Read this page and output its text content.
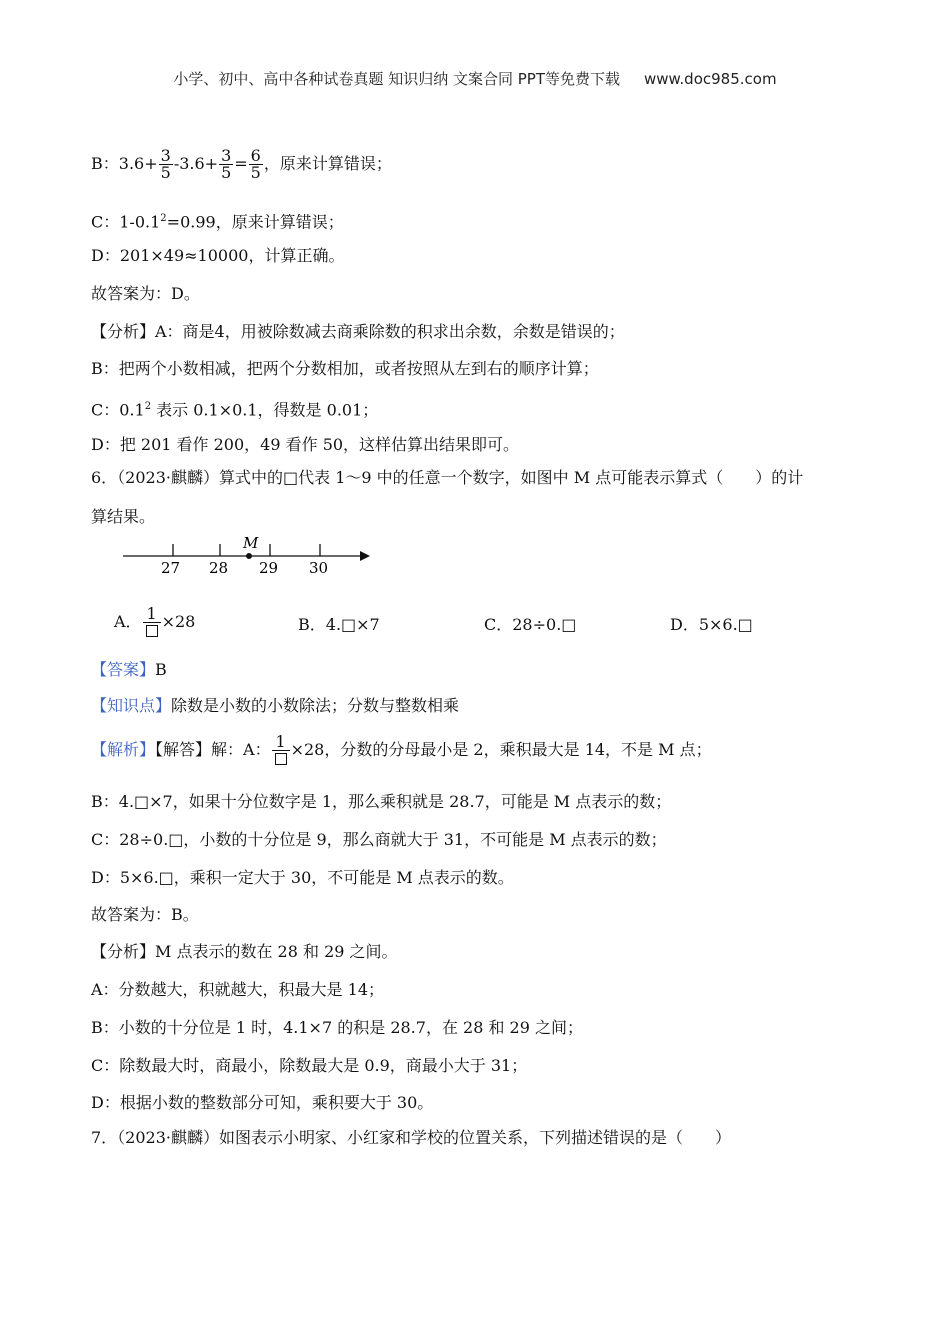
小学、初中、高中各种试卷真题 知识归纳 文案合同 PPT等免费下载 www.doc985.com
B：$3.6+ \frac{3}{5} -3.6+ \frac{3}{5} = \frac{6}{5}$ ，原来计算错误；
C：$1-0.1^2=0.99$，原来计算错误；
D：201×49≈10000，计算正确。
故答案为：D。
【分析】A：商是4，用被除数减去商乘除数的积求出余数，余数是错误的；
B：把两个小数相减，把两个分数相加，或者按照从左到右的顺序计算；
C：$0.1^2$ 表示 0.1×0.1，得数是 0.01；
D：把 201 看作 200，49 看作 50，这样估算出结果即可。
6．（2023·麒麟）算式中的□代表 1～9 中的任意一个数字，如图中 M 点可能表示算式（　　）的计
算结果。
M
27 28 29 30
A． 1 ×28	B．4.□×7	C．28÷0.□	D．5×6.□
【答案】B
【知识点】除数是小数的小数除法；分数与整数相乘
【解析】【解答】解：A： 1 ×28，分数的分母最小是 2，乘积最大是 14，不是 M 点；
B：4.□×7，如果十分位数字是 1，那么乘积就是 28.7，可能是 M 点表示的数；
C：28÷0.□，小数的十分位是 9，那么商就大于 31，不可能是 M 点表示的数；
D：5×6.□，乘积一定大于 30，不可能是 M 点表示的数。
故答案为：B。
【分析】M 点表示的数在 28 和 29 之间。
A：分数越大，积就越大，积最大是 14；
B：小数的十分位是 1 时，4.1×7 的积是 28.7，在 28 和 29 之间；
C：除数最大时，商最小，除数最大是 0.9，商最小大于 31；
D：根据小数的整数部分可知，乘积要大于 30。
7．（2023·麒麟）如图表示小明家、小红家和学校的位置关系，下列描述错误的是（　　）
